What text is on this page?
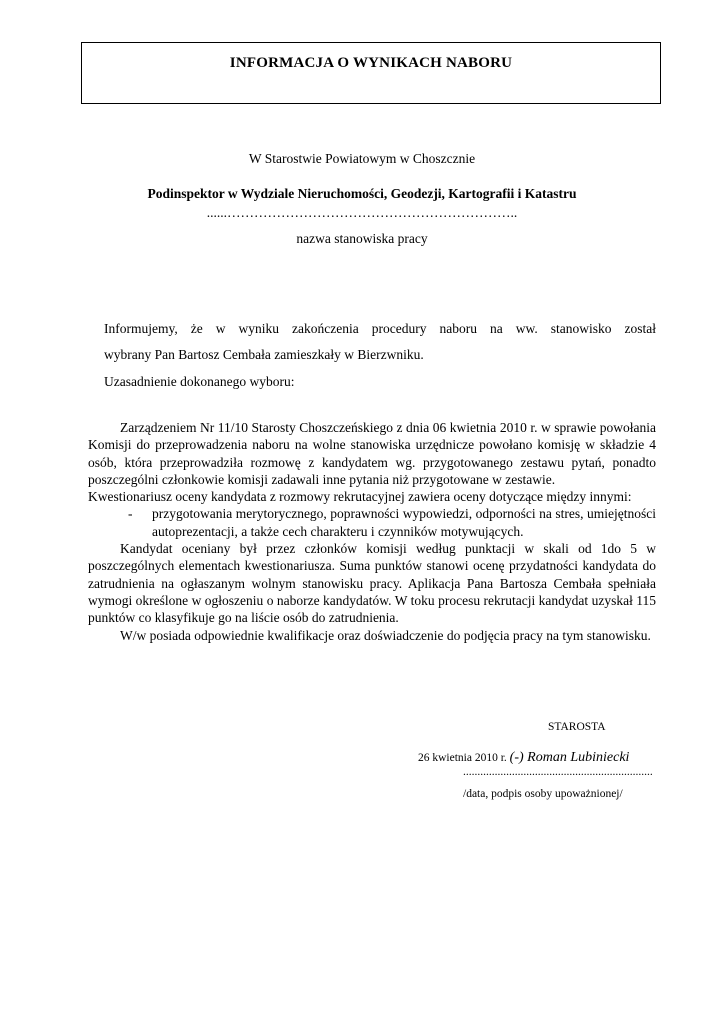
INFORMACJA O WYNIKACH NABORU
W Starostwie Powiatowym w Choszcznie
Podinspektor w Wydziale Nieruchomości, Geodezji, Kartografii i Katastru
......………………………………………………………..
nazwa stanowiska pracy
Informujemy, że w wyniku zakończenia procedury naboru na ww. stanowisko został
wybrany Pan Bartosz Cembała zamieszkały w Bierzwniku.
Uzasadnienie dokonanego wyboru:

Zarządzeniem Nr 11/10 Starosty Choszczeńskiego z dnia 06 kwietnia 2010 r. w sprawie powołania Komisji do przeprowadzenia naboru na wolne stanowiska urzędnicze powołano komisję w składzie 4 osób, która przeprowadziła rozmowę z kandydatem wg. przygotowanego zestawu pytań, ponadto poszczególni członkowie komisji zadawali inne pytania niż przygotowane w zestawie.

Kwestionariusz oceny kandydata z rozmowy rekrutacyjnej zawiera oceny dotyczące między innymi:

- przygotowania merytorycznego, poprawności wypowiedzi, odporności na stres, umiejętności autoprezentacji, a także cech charakteru i czynników motywujących.

Kandydat oceniany był przez członków komisji według punktacji w skali od 1do 5 w poszczególnych elementach kwestionariusza. Suma punktów stanowi ocenę przydatności kandydata do zatrudnienia na ogłaszanym wolnym stanowisku pracy. Aplikacja Pana Bartosza Cembała spełniała wymogi określone w ogłoszeniu o naborze kandydatów. W toku procesu rekrutacji kandydat uzyskał 115 punktów co klasyfikuje go na liście osób do zatrudnienia.

W/w posiada odpowiednie kwalifikacje oraz doświadczenie do podjęcia pracy na tym stanowisku.

STAROSTA
26 kwietnia 2010 r. (-) Roman Lubiniecki
..................................................................
/data, podpis osoby upoważnionej/
